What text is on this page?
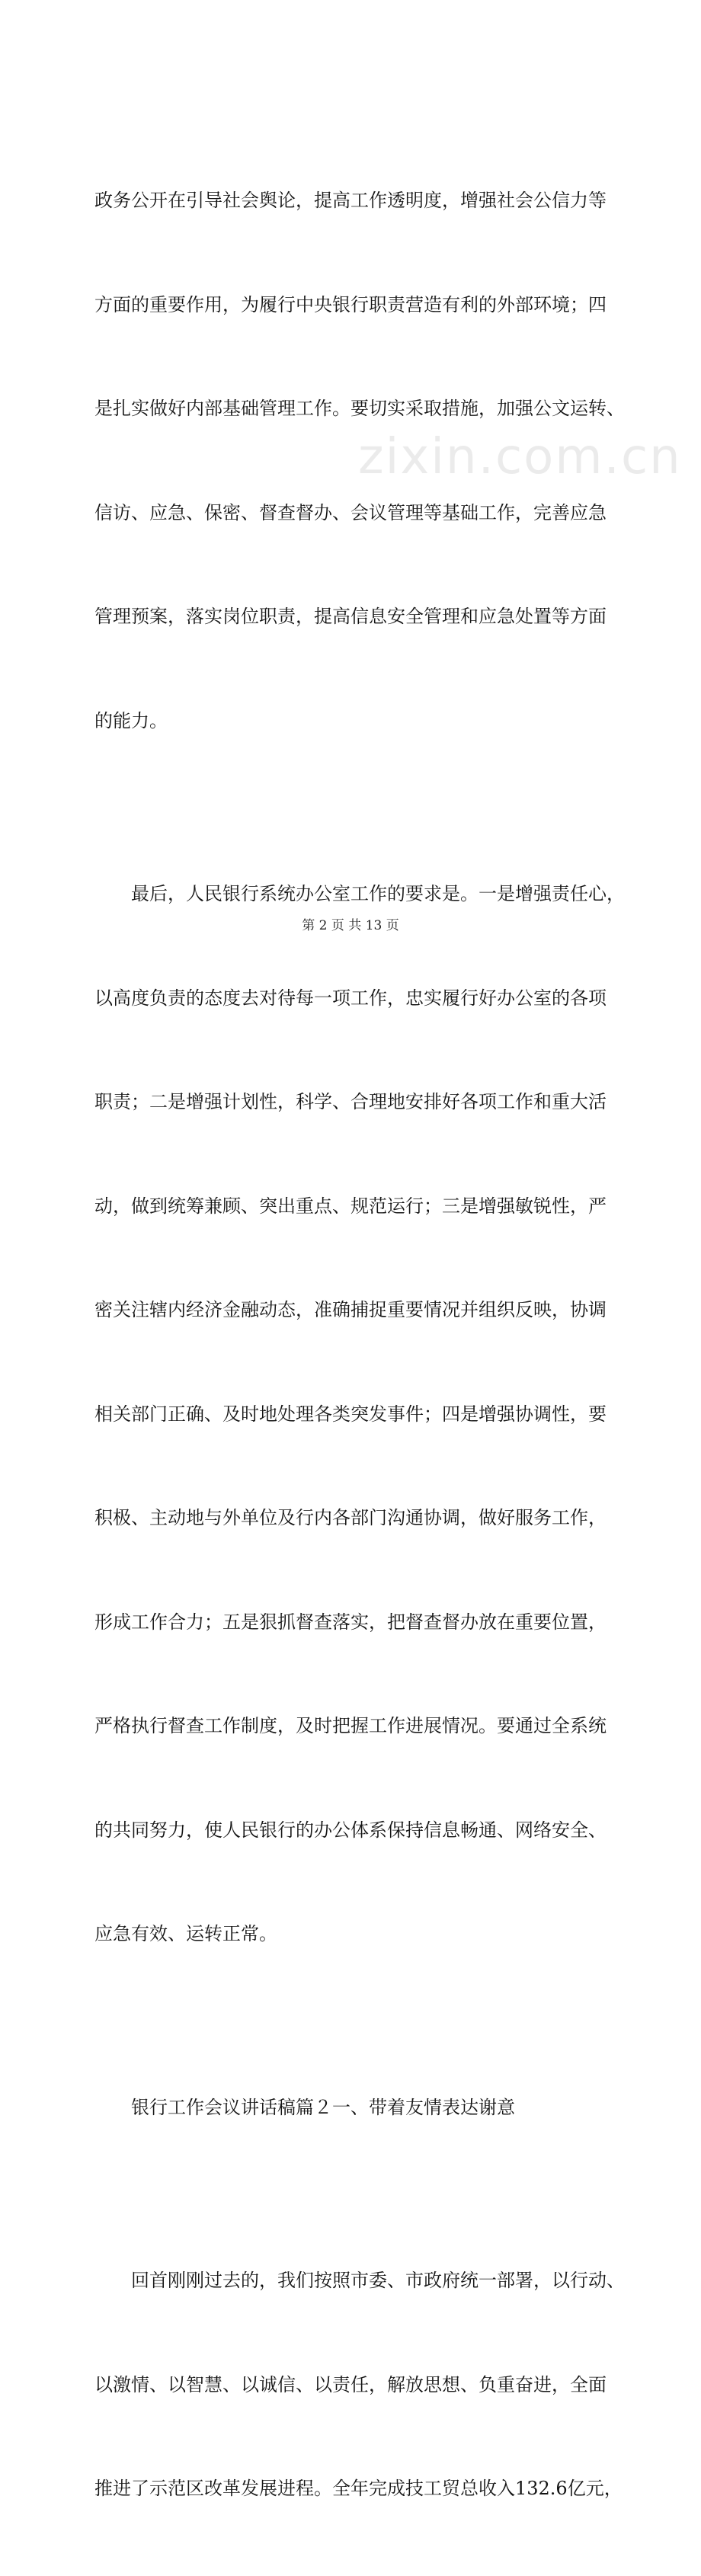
政务公开在引导社会舆论，提高工作透明度，增强社会公信力等

方面的重要作用，为履行中央银行职责营造有利的外部环境；四

是扎实做好内部基础管理工作。要切实采取措施，加强公文运转、

信访、应急、保密、督查督办、会议管理等基础工作，完善应急

管理预案，落实岗位职责，提高信息安全管理和应急处置等方面

的能力。

　　最后，人民银行系统办公室工作的要求是。一是增强责任心，

以高度负责的态度去对待每一项工作，忠实履行好办公室的各项

职责；二是增强计划性，科学、合理地安排好各项工作和重大活

动，做到统筹兼顾、突出重点、规范运行；三是增强敏锐性，严

密关注辖内经济金融动态，准确捕捉重要情况并组织反映，协调

相关部门正确、及时地处理各类突发事件；四是增强协调性，要

积极、主动地与外单位及行内各部门沟通协调，做好服务工作，

形成工作合力；五是狠抓督查落实，把督查督办放在重要位置，

严格执行督查工作制度，及时把握工作进展情况。要通过全系统

的共同努力，使人民银行的办公体系保持信息畅通、网络安全、

应急有效、运转正常。

　　银行工作会议讲话稿篇２一、带着友情表达谢意

　　回首刚刚过去的，我们按照市委、市政府统一部署，以行动、

以激情、以智慧、以诚信、以责任，解放思想、负重奋进，全面

推进了示范区改革发展进程。全年完成技工贸总收入132.6亿元，

zixin.com.cn
第 2 页 共 13 页
